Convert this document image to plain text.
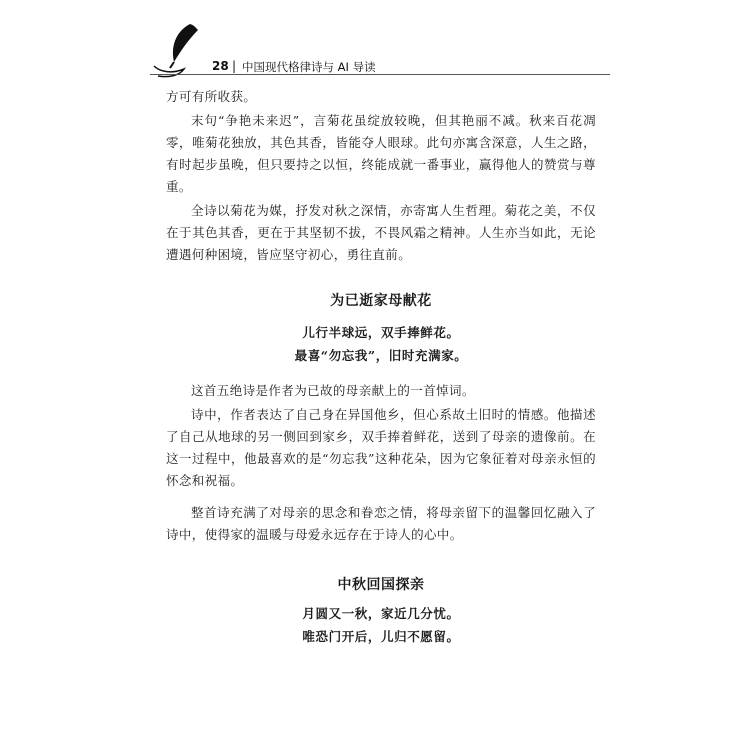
28 | 中国现代格律诗与 AI 导读

方可有所收获。

末句“争艳未来迟”，言菊花虽绽放较晚，但其艳丽不减。秋来百花凋零，唯菊花独放，其色其香，皆能夺人眼球。此句亦寓含深意，人生之路，有时起步虽晚，但只要持之以恒，终能成就一番事业，赢得他人的赞赏与尊重。

全诗以菊花为媒，抒发对秋之深情，亦寄寓人生哲理。菊花之美，不仅在于其色其香，更在于其坚韧不拔，不畏风霜之精神。人生亦当如此，无论遭遇何种困境，皆应坚守初心，勇往直前。

为已逝家母献花
儿行半球远，双手捧鲜花。
最喜“勿忘我”，旧时充满家。

这首五绝诗是作者为已故的母亲献上的一首悼词。

诗中，作者表达了自己身在异国他乡，但心系故土旧时的情感。他描述了自己从地球的另一侧回到家乡，双手捧着鲜花，送到了母亲的遗像前。在这一过程中，他最喜欢的是“勿忘我”这种花朵，因为它象征着对母亲永恒的怀念和祝福。

整首诗充满了对母亲的思念和眷恋之情，将母亲留下的温馨回忆融入了诗中，使得家的温暖与母爱永远存在于诗人的心中。

中秋回国探亲
月圆又一秋，家近几分忧。
唯恐门开后，儿归不愿留。
